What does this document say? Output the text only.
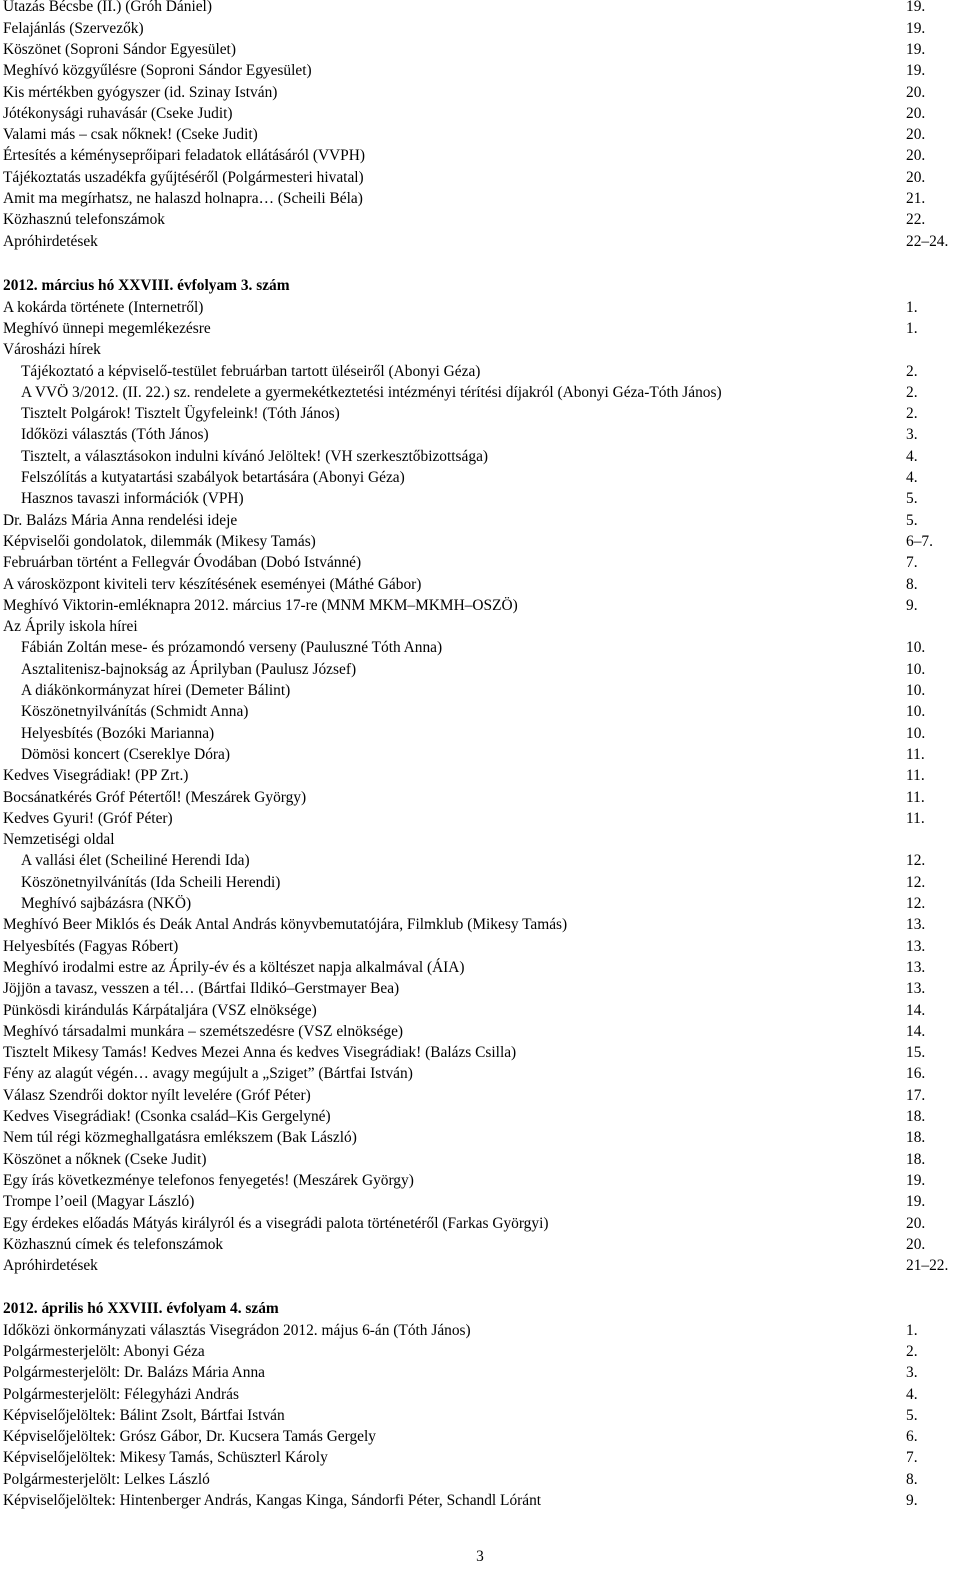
Utazás Bécsbe (II.) (Gróh Dániel)	19.
Felajánlás (Szervezők)	19.
Köszönet (Soproni Sándor Egyesület)	19.
Meghívó közgyűlésre (Soproni Sándor Egyesület)	19.
Kis mértékben gyógyszer (id. Szinay István)	20.
Jótékonysági ruhavásár (Cseke Judit)	20.
Valami más – csak nőknek! (Cseke Judit)	20.
Értesítés a kéményseprőipari feladatok ellátásáról (VVPH)	20.
Tájékoztatás uszadékfa gyűjtéséről (Polgármesteri hivatal)	20.
Amit ma megírhatsz, ne halaszd holnapra… (Scheili Béla)	21.
Közhasznú telefonszámok	22.
Apróhirdetések	22–24.
2012. március hó XXVIII. évfolyam 3. szám
A kokárda története (Internetről)	1.
Meghívó ünnepi megemlékezésre	1.
Városházi hírek
Tájékoztató a képviselő-testület februárban tartott üléseiről (Abonyi Géza)	2.
A VVÖ 3/2012. (II. 22.) sz. rendelete a gyermekétkeztetési intézményi térítési díjakról (Abonyi Géza-Tóth János)	2.
Tisztelt Polgárok! Tisztelt Ügyfeleink! (Tóth János)	2.
Időközi választás (Tóth János)	3.
Tisztelt, a választásokon indulni kívánó Jelöltek! (VH szerkesztőbizottsága)	4.
Felszólítás a kutyatartási szabályok betartására (Abonyi Géza)	4.
Hasznos tavaszi információk (VPH)	5.
Dr. Balázs Mária Anna rendelési ideje	5.
Képviselői gondolatok, dilemmák (Mikesy Tamás)	6–7.
Februárban történt a Fellegvár Óvodában (Dobó Istvánné)	7.
A városközpont kiviteli terv készítésének eseményei (Máthé Gábor)	8.
Meghívó Viktorin-emléknapra 2012. március 17-re (MNM MKM–MKMH–OSZÖ)	9.
Az Áprily iskola hírei
Fábián Zoltán mese- és prózamondó verseny (Pauluszné Tóth Anna)	10.
Asztalitenisz-bajnokság az Áprilyban (Paulusz József)	10.
A diákönkormányzat hírei (Demeter Bálint)	10.
Köszönetnyilvánítás (Schmidt Anna)	10.
Helyesbítés (Bozóki Marianna)	10.
Dömösi koncert (Csereklye Dóra)	11.
Kedves Visegrádiak! (PP Zrt.)	11.
Bocsánatkérés Gróf Pétertől! (Meszárek György)	11.
Kedves Gyuri! (Gróf Péter)	11.
Nemzetiségi oldal
A vallási élet (Scheiliné Herendi Ida)	12.
Köszönetnyilvánítás (Ida Scheili Herendi)	12.
Meghívó sajbázásra (NKÖ)	12.
Meghívó Beer Miklós és Deák Antal András könyvbemutatójára, Filmklub (Mikesy Tamás)	13.
Helyesbítés (Fagyas Róbert)	13.
Meghívó irodalmi estre az Áprily-év és a költészet napja alkalmával (ÁIA)	13.
Jöjjön a tavasz, vesszen a tél… (Bártfai Ildikó–Gerstmayer Bea)	13.
Pünkösdi kirándulás Kárpátaljára (VSZ elnöksége)	14.
Meghívó társadalmi munkára – szemétszedésre (VSZ elnöksége)	14.
Tisztelt Mikesy Tamás! Kedves Mezei Anna és kedves Visegrádiak! (Balázs Csilla)	15.
Fény az alagút végén… avagy megújult a „Sziget” (Bártfai István)	16.
Válasz Szendrői doktor nyílt levelére (Gróf Péter)	17.
Kedves Visegrádiak! (Csonka család–Kis Gergelyné)	18.
Nem túl régi közmeghallgatásra emlékszem (Bak László)	18.
Köszönet a nőknek (Cseke Judit)	18.
Egy írás következménye telefonos fenyegetés! (Meszárek György)	19.
Trompe l’oeil (Magyar László)	19.
Egy érdekes előadás Mátyás királyról és a visegrádi palota történetéről (Farkas Györgyi)	20.
Közhasznú címek és telefonszámok	20.
Apróhirdetések	21–22.
2012. április hó XXVIII. évfolyam 4. szám
Időközi önkormányzati választás Visegrádon 2012. május 6-án (Tóth János)	1.
Polgármesterjelölt: Abonyi Géza	2.
Polgármesterjelölt: Dr. Balázs Mária Anna	3.
Polgármesterjelölt: Félegyházi András	4.
Képviselőjelöltek: Bálint Zsolt, Bártfai István	5.
Képviselőjelöltek: Grósz Gábor, Dr. Kucsera Tamás Gergely	6.
Képviselőjelöltek: Mikesy Tamás, Schüszterl Károly	7.
Polgármesterjelölt: Lelkes László	8.
Képviselőjelöltek: Hintenberger András, Kangas Kinga, Sándorfi Péter, Schandl Lóránt	9.
3
